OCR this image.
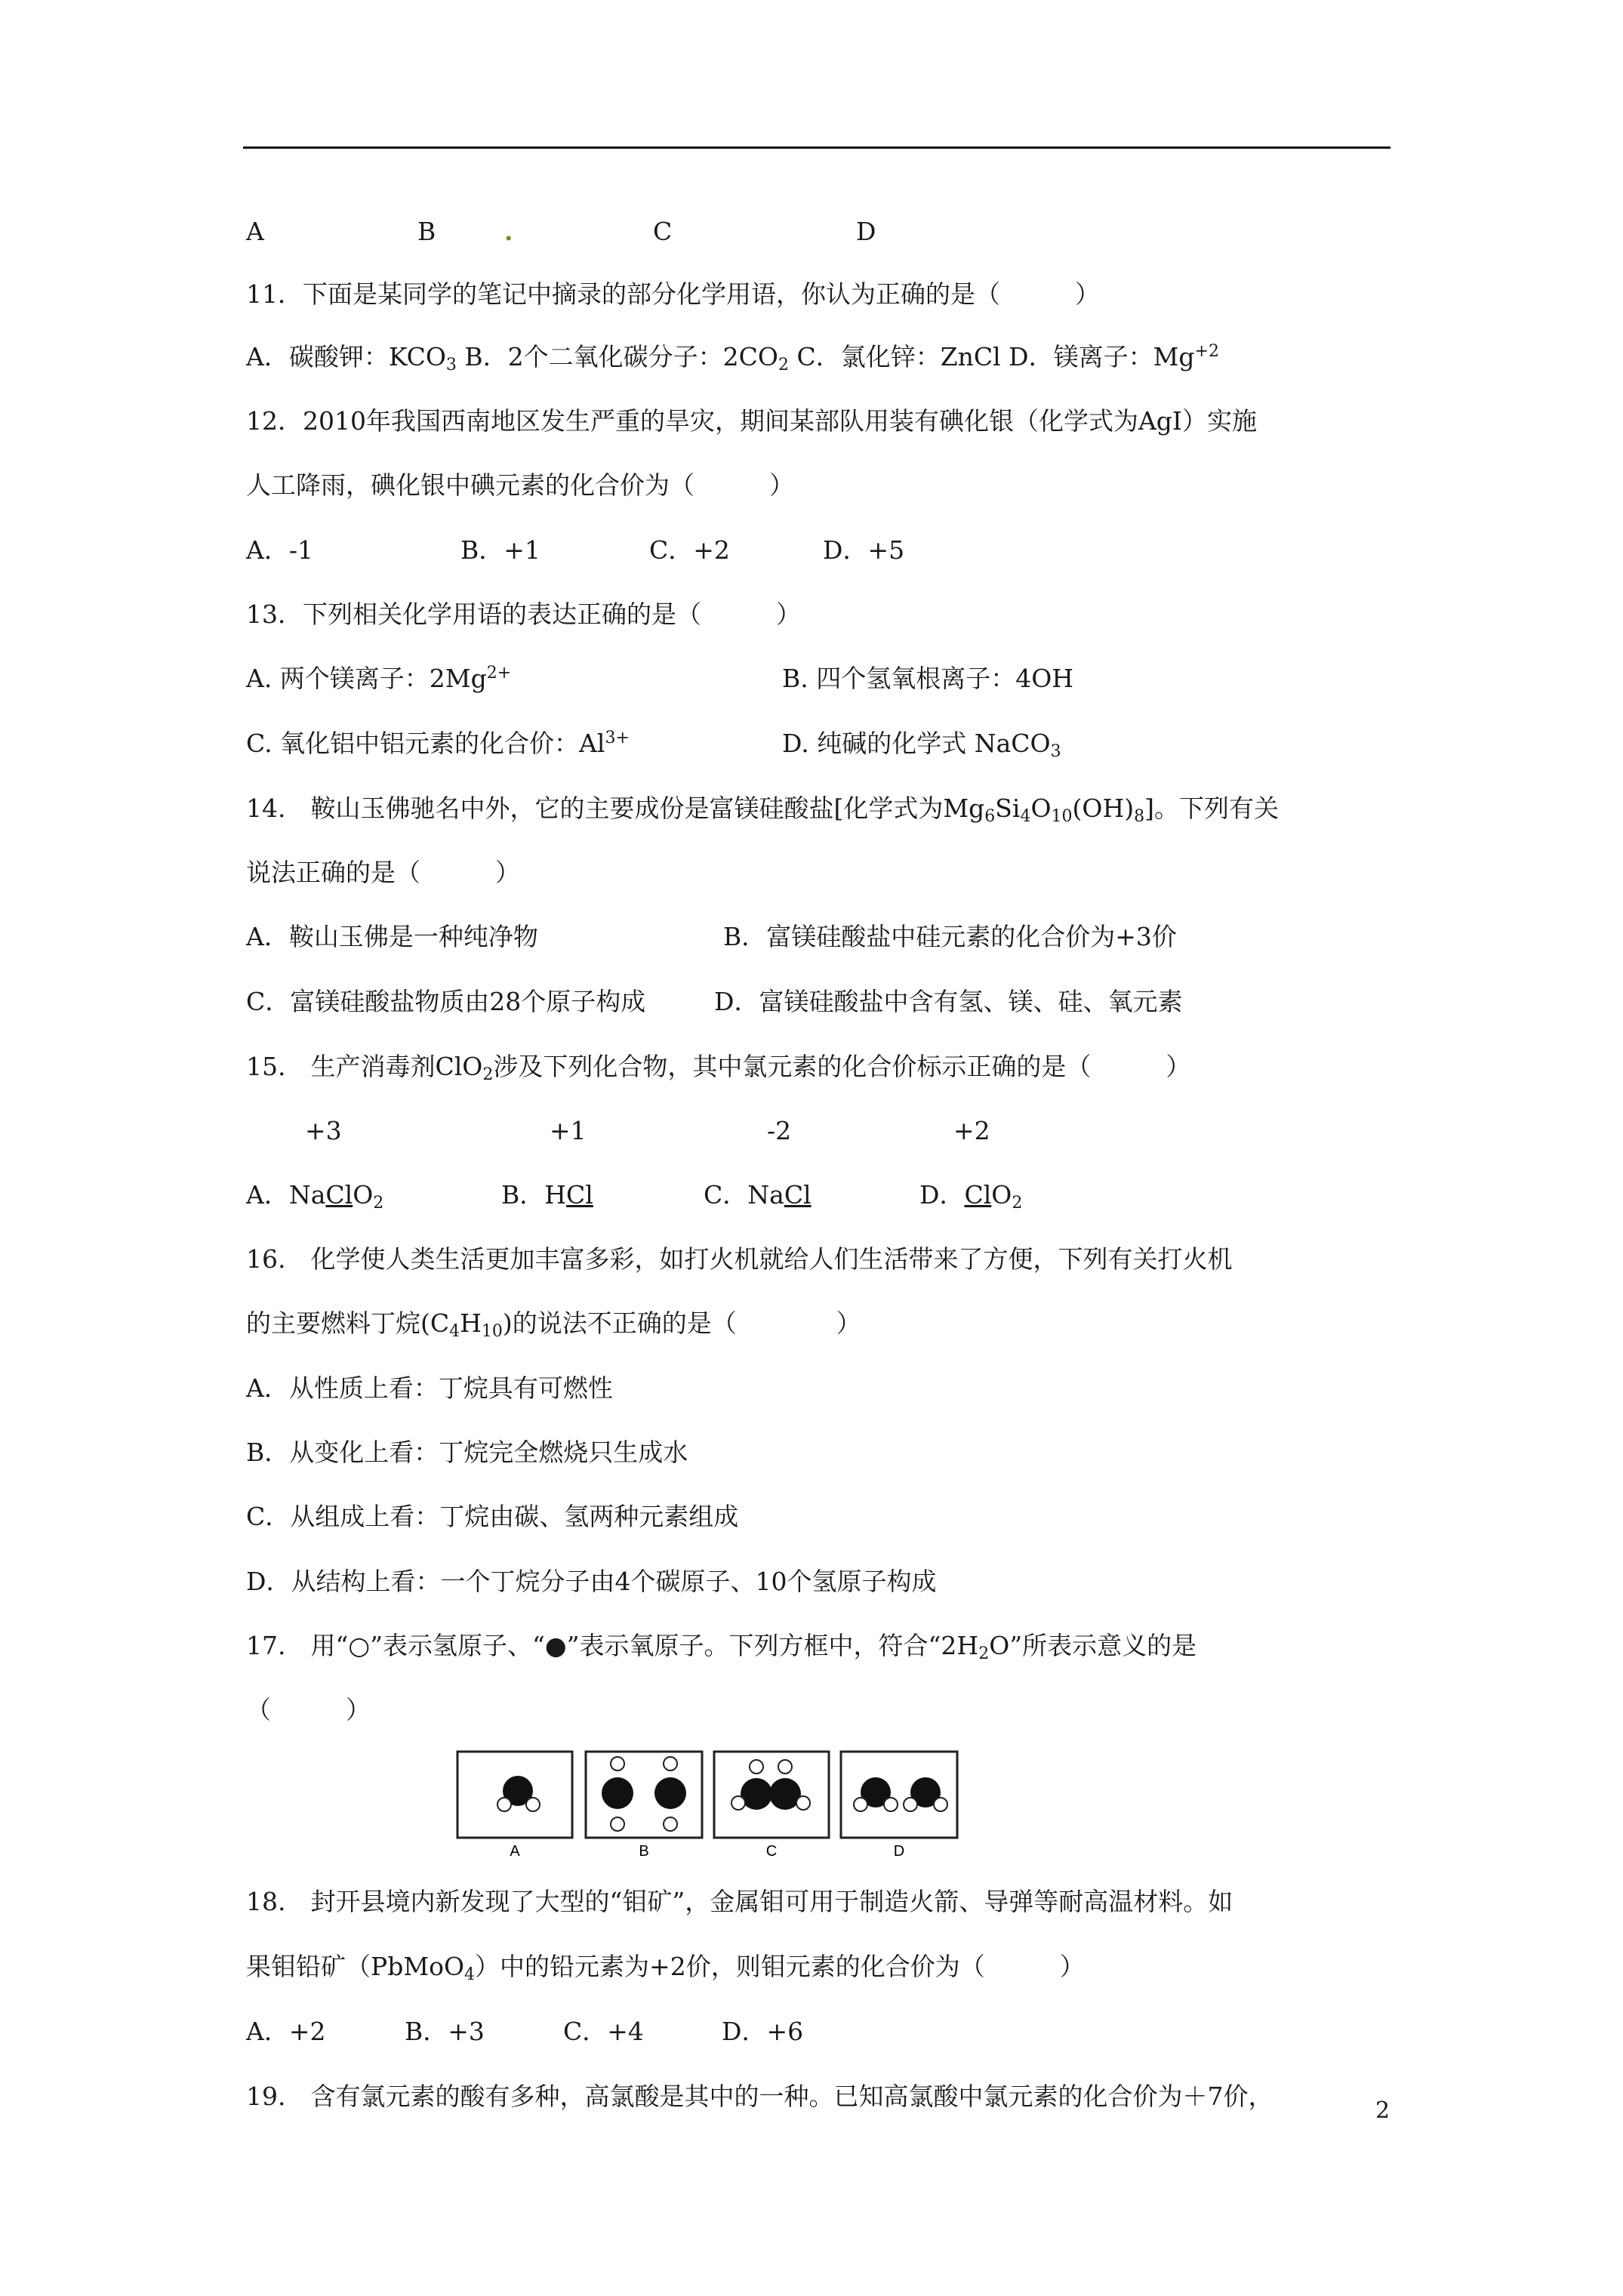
A	B	.	C	D
11．下面是某同学的笔记中摘录的部分化学用语，你认为正确的是（　　　）
A．碳酸钾：$KCO_3$ B．2个二氧化碳分子：$2CO_2$ C．氯化锌：ZnCl D．镁离子：$Mg^{+2}$
12．2010年我国西南地区发生严重的旱灾，期间某部队用装有碘化银（化学式为AgI）实施
人工降雨，碘化银中碘元素的化合价为（　　　）
A．-1	B．+1	C．+2	D．+5
13．下列相关化学用语的表达正确的是（　　　）
A. 两个镁离子：$2Mg^{2+}$	B. 四个氢氧根离子：4OH
C. 氧化铝中铝元素的化合价：$Al^{3+}$	D. 纯碱的化学式 NaCO$_3$
14.　鞍山玉佛驰名中外，它的主要成份是富镁硅酸盐[化学式为$Mg_6Si_4O_{10}(OH)_8$]。下列有关
说法正确的是（　　　）
A．鞍山玉佛是一种纯净物	B．富镁硅酸盐中硅元素的化合价为+3价
C．富镁硅酸盐物质由28个原子构成	D．富镁硅酸盐中含有氢、镁、硅、氧元素
15.　生产消毒剂ClO$_2$涉及下列化合物，其中氯元素的化合价标示正确的是（　　　）
+3	+1	-2	+2
A．NaClO$_2$	B．HCl	C．NaCl	D．ClO$_2$
16.　化学使人类生活更加丰富多彩，如打火机就给人们生活带来了方便，下列有关打火机
的主要燃料丁烷$(C_4H_{10})$的说法不正确的是（　　　　）
A．从性质上看：丁烷具有可燃性
B．从变化上看：丁烷完全燃烧只生成水
C．从组成上看：丁烷由碳、氢两种元素组成
D．从结构上看：一个丁烷分子由4个碳原子、10个氢原子构成
17.　用“○”表示氢原子、“●”表示氧原子。下列方框中，符合“$2H_2O$”所表示意义的是
（　　　）
A	B	C	D
18.　封开县境内新发现了大型的“钼矿”，金属钼可用于制造火箭、导弹等耐高温材料。如
果钼铅矿（PbMoO$_4$）中的铅元素为+2价，则钼元素的化合价为（　　　）
A．+2	B．+3	C．+4	D．+6
19.　含有氯元素的酸有多种，高氯酸是其中的一种。已知高氯酸中氯元素的化合价为＋7价，	2
